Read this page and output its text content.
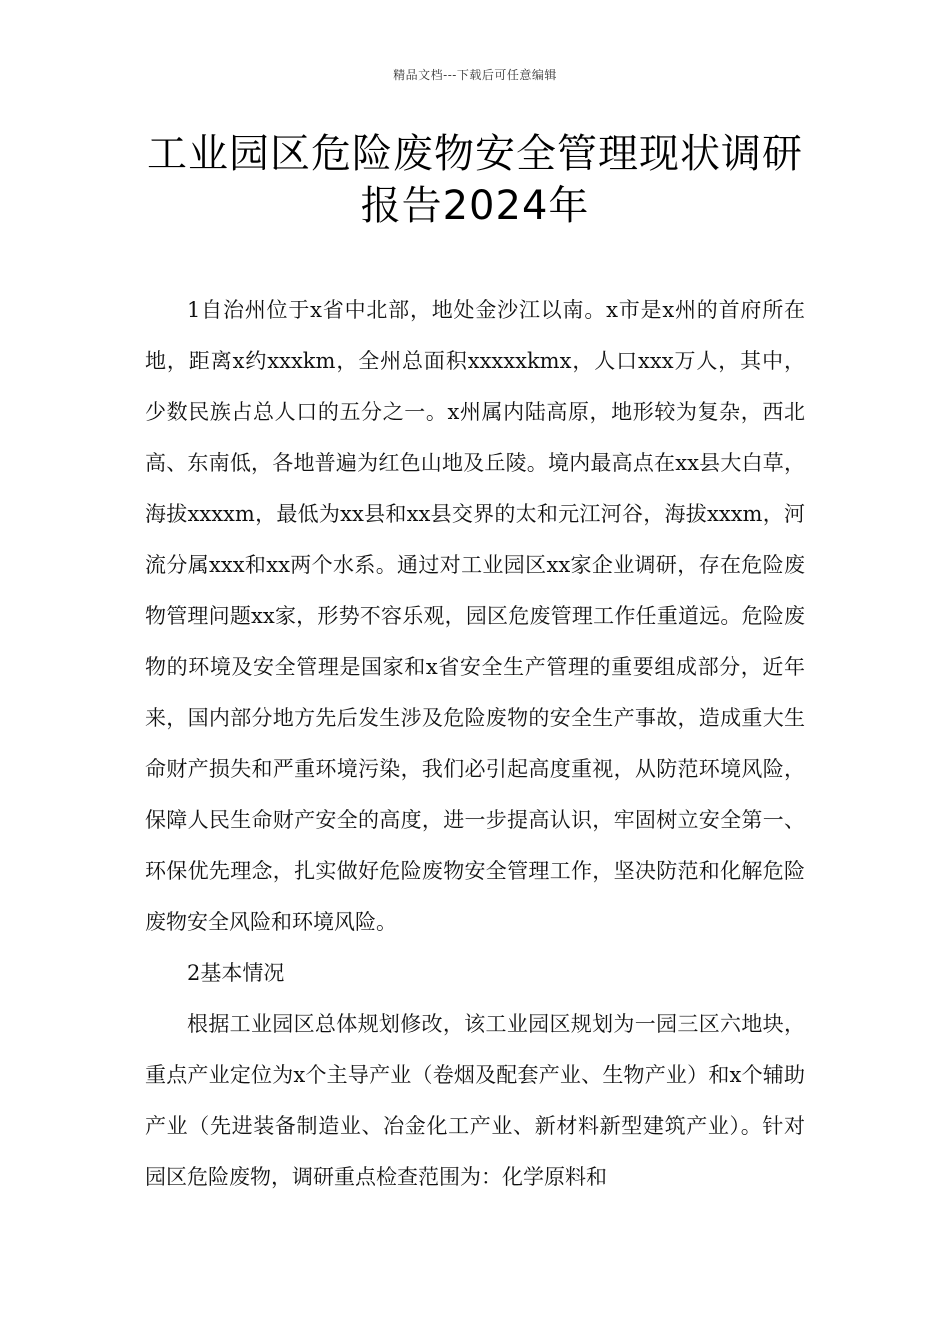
精品文档---下载后可任意编辑
工业园区危险废物安全管理现状调研报告2024年

1自治州位于x省中北部，地处金沙江以南。x市是x州的首府所在地，距离x约xxxkm，全州总面积xxxxxkmx，人口xxx万人，其中，少数民族占总人口的五分之一。x州属内陆高原，地形较为复杂，西北高、东南低，各地普遍为红色山地及丘陵。境内最高点在xx县大白草，海拔xxxxm，最低为xx县和xx县交界的太和元江河谷，海拔xxxm，河流分属xxx和xx两个水系。通过对工业园区xx家企业调研，存在危险废物管理问题xx家，形势不容乐观，园区危废管理工作任重道远。危险废物的环境及安全管理是国家和x省安全生产管理的重要组成部分，近年来，国内部分地方先后发生涉及危险废物的安全生产事故，造成重大生命财产损失和严重环境污染，我们必引起高度重视，从防范环境风险，保障人民生命财产安全的高度，进一步提高认识，牢固树立安全第一、环保优先理念，扎实做好危险废物安全管理工作，坚决防范和化解危险废物安全风险和环境风险。

2基本情况

根据工业园区总体规划修改，该工业园区规划为一园三区六地块，重点产业定位为x个主导产业（卷烟及配套产业、生物产业）和x个辅助产业（先进装备制造业、冶金化工产业、新材料新型建筑产业）。针对园区危险废物，调研重点检查范围为：化学原料和
